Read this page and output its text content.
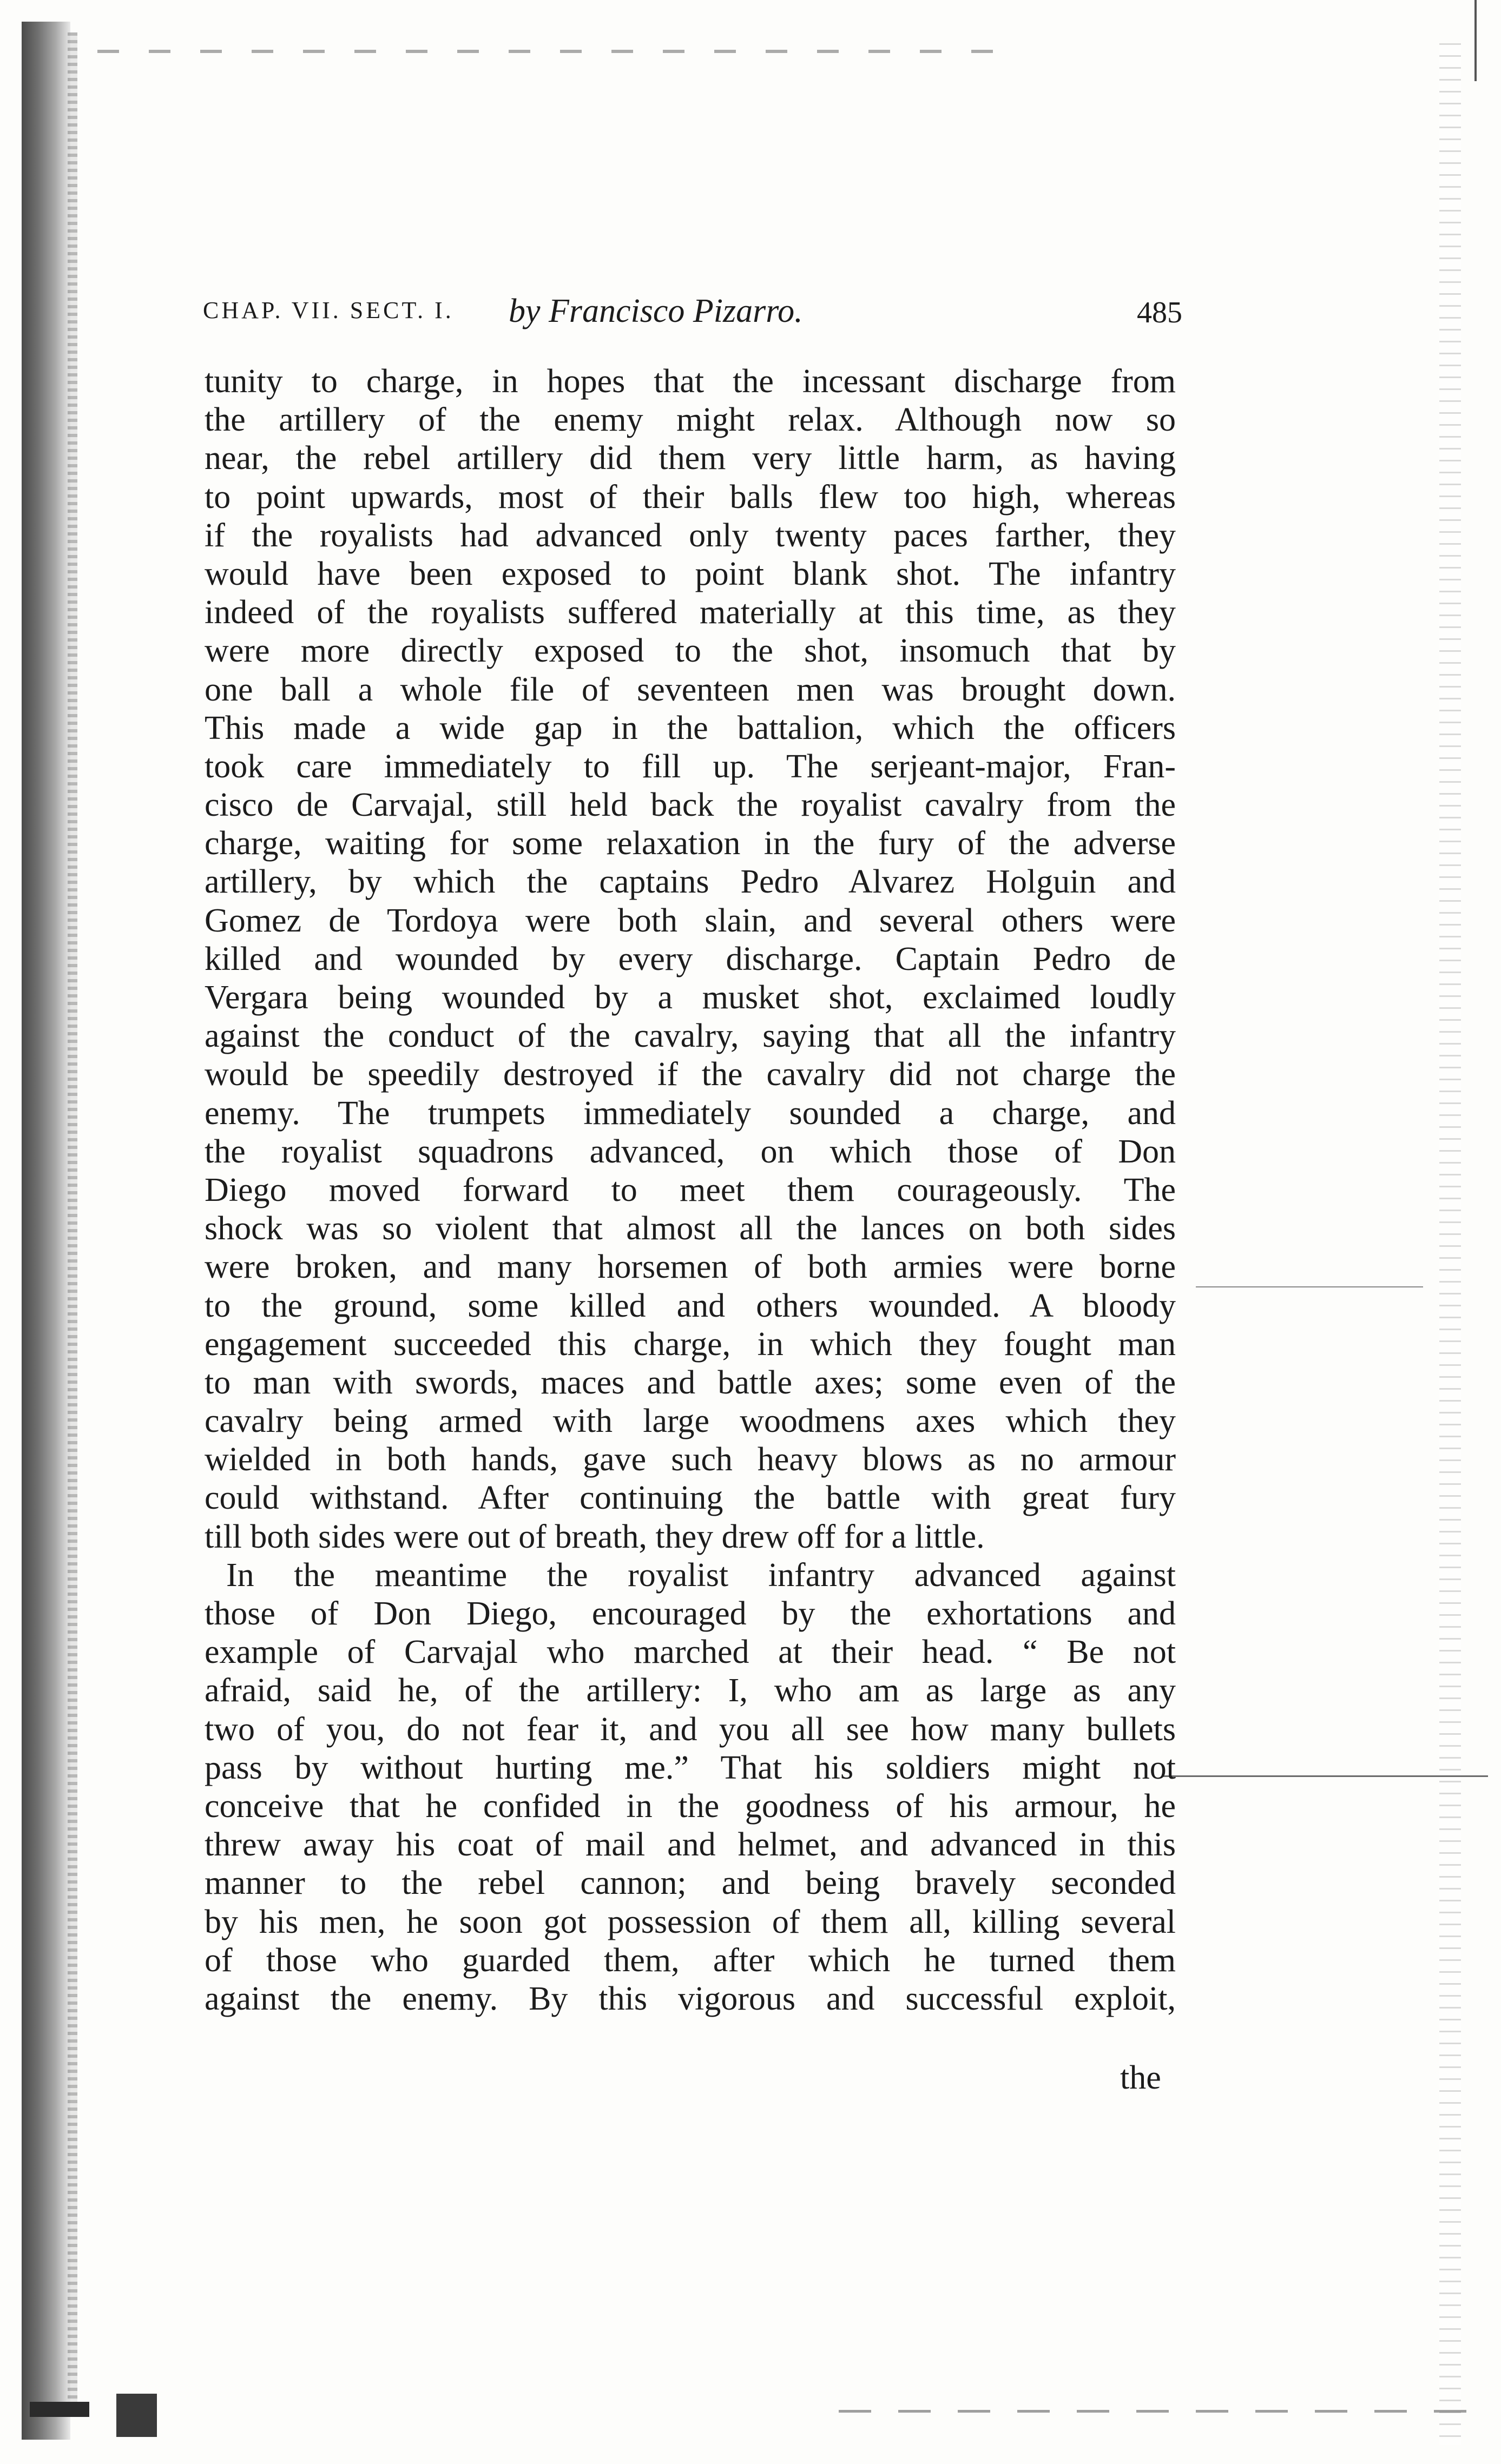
CHAP. VII. SECT. I. by Francisco Pizarro.	485
tunity to charge, in hopes that the incessant discharge from
the artillery of the enemy might relax. Although now so
near, the rebel artillery did them very little harm, as having
to point upwards, most of their balls flew too high, whereas
if the royalists had advanced only twenty paces farther, they
would have been exposed to point blank shot. The infantry
indeed of the royalists suffered materially at this time, as they
were more directly exposed to the shot, insomuch that by
one ball a whole file of seventeen men was brought down.
This made a wide gap in the battalion, which the officers
took care immediately to fill up. The serjeant-major, Fran-
cisco de Carvajal, still held back the royalist cavalry from the
charge, waiting for some relaxation in the fury of the adverse
artillery, by which the captains Pedro Alvarez Holguin and
Gomez de Tordoya were both slain, and several others were
killed and wounded by every discharge. Captain Pedro de
Vergara being wounded by a musket shot, exclaimed loudly
against the conduct of the cavalry, saying that all the infantry
would be speedily destroyed if the cavalry did not charge the
enemy. The trumpets immediately sounded a charge, and
the royalist squadrons advanced, on which those of Don
Diego moved forward to meet them courageously. The
shock was so violent that almost all the lances on both sides
were broken, and many horsemen of both armies were borne
to the ground, some killed and others wounded. A bloody
engagement succeeded this charge, in which they fought man
to man with swords, maces and battle axes; some even of the
cavalry being armed with large woodmens axes which they
wielded in both hands, gave such heavy blows as no armour
could withstand. After continuing the battle with great fury
till both sides were out of breath, they drew off for a little.
In the meantime the royalist infantry advanced against
those of Don Diego, encouraged by the exhortations and
example of Carvajal who marched at their head. “ Be not
afraid, said he, of the artillery: I, who am as large as any
two of you, do not fear it, and you all see how many bullets
pass by without hurting me.” That his soldiers might not
conceive that he confided in the goodness of his armour, he
threw away his coat of mail and helmet, and advanced in this
manner to the rebel cannon; and being bravely seconded
by his men, he soon got possession of them all, killing several
of those who guarded them, after which he turned them
against the enemy. By this vigorous and successful exploit,
the
